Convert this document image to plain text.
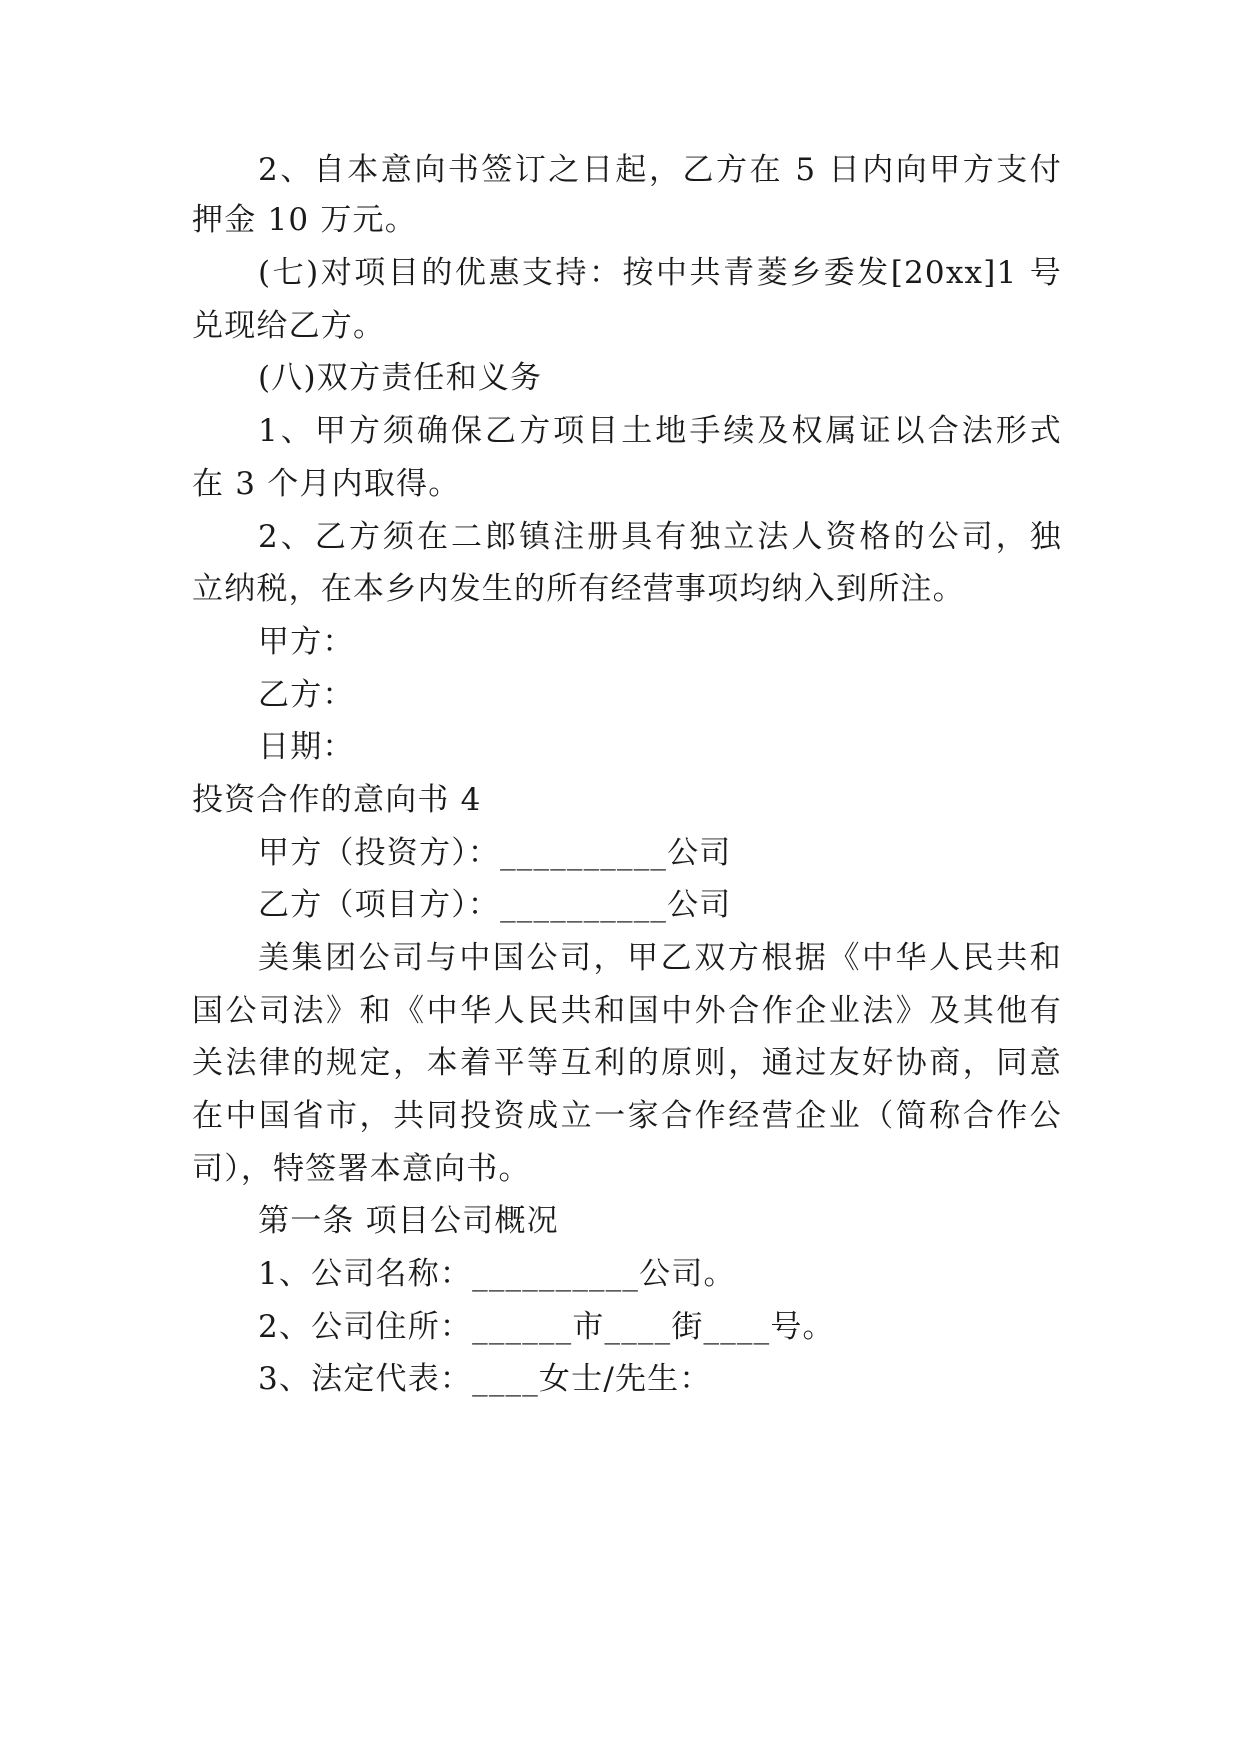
2、自本意向书签订之日起，乙方在 5 日内向甲方支付
押金 10 万元。
(七)对项目的优惠支持：按中共青菱乡委发[20xx]1 号
兑现给乙方。
(八)双方责任和义务
1、甲方须确保乙方项目土地手续及权属证以合法形式
在 3 个月内取得。
2、乙方须在二郎镇注册具有独立法人资格的公司，独
立纳税，在本乡内发生的所有经营事项均纳入到所注。
甲方：
乙方：
日期：
投资合作的意向书 4
甲方（投资方）：__________公司
乙方（项目方）：__________公司
美集团公司与中国公司，甲乙双方根据《中华人民共和
国公司法》和《中华人民共和国中外合作企业法》及其他有
关法律的规定，本着平等互利的原则，通过友好协商，同意
在中国省市，共同投资成立一家合作经营企业（简称合作公
司），特签署本意向书。
第一条 项目公司概况
1、公司名称：__________公司。
2、公司住所：______市____街____号。
3、法定代表：____女士/先生：
